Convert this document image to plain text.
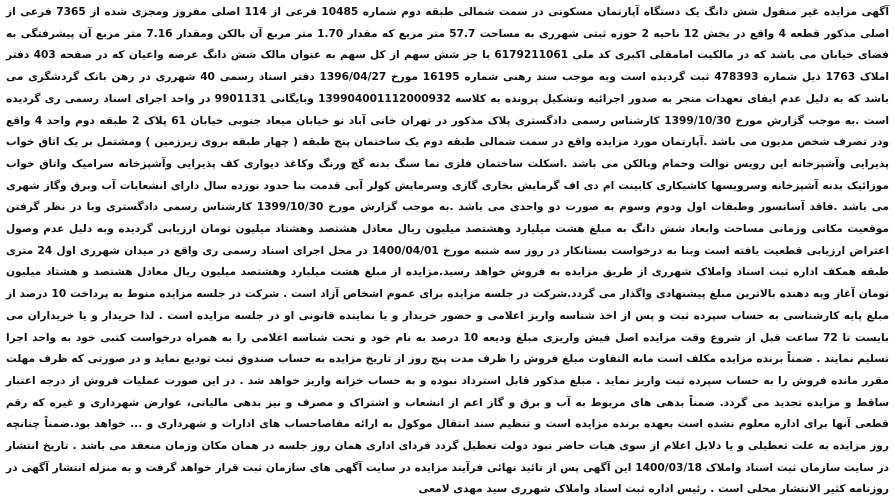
آگهی مزایده غیر منقول شش دانگ یک دستگاه آپارتمان مسکونی در سمت شمالی طبقه دوم شماره 10485 فرعی از 114 اصلی مفروز ومجزی شده از 7365 فرعی از اصلی مذکور قطعه 4 واقع در بخش 12 ناحیه 2 حوزه ثبتی شهرری به مساحت 57.7 متر مربع که مقدار 1.70 متر مربع آن بالکن ومقدار 7.16 متر مربع آن پیشرفتگی به فضای خیابان می باشد که در مالکیت امامقلی اکبری کد ملی 6179211061 با جز شش سهم از کل سهم به عنوان مالک شش دانگ عرصه واعیان که در صفحه 403 دفتر املاک 1763 ذیل شماره 478393 ثبت گردیده است وبه موجب سند رهنی شماره 16195 مورخ 1396/04/27 دفتر اسناد رسمی 40 شهرری در رهن بانک گردشگری می باشد که به دلیل عدم ایفای تعهدات منجر به صدور اجرائیه وتشکیل پرونده به کلاسه 139904001112000932 وبایگانی 9901131 در واحد اجرای اسناد رسمی ری گردیده است .به موجب گزارش مورخ 1399/10/30 کارشناس رسمی دادگستری پلاک مذکور در تهران خانی آباد نو خیابان میعاد جنوبی خیابان 61 پلاک 2 طبقه دوم واحد 4 واقع ودر تصرف شخص مدیون می باشد .آپارتمان مورد مزایده واقع در سمت شمالی طبقه دوم یک ساختمان پنج طبقه ( چهار طبقه بروی زیرزمین ) ومشتمل بر یک اتاق خواب پذیرایی وآشپزخانه این رویس توالت وحمام وبالکن می باشد .اسکلت ساختمان فلزی نما سنگ بدنه گچ ورنگ وکاغذ دیواری کف پذیرایی وآشپزخانه سرامیک واتاق خواب موزائیک بدنه آشپزخانه وسرویسها کاشیکاری کابینت ام دی اف گرمایش بخاری گازی وسرمایش کولر آبی قدمت بنا حدود نوزده سال دارای انشعابات آب وبرق وگاز شهری می باشد .فاقد آسانسور وطبقات اول ودوم وسوم به صورت دو واحدی می باشد .به موجب گزارش مورخ 1399/10/30 کارشناس رسمی دادگستری وبا در نظر گرفتن موقعیت مکانی وزمانی مساحت وابعاد شش دانگ به مبلغ هشت میلیارد وهشتصد میلیون ریال معادل هشتصد وهشتاد میلیون تومان ارزیابی گردیده وبه دلیل عدم وصول اعتراض ارزیابی قطعیت یافته است وبنا به درخواست بستانکار در روز سه شنبه مورخ 1400/04/01 در محل اجرای اسناد رسمی ری واقع در میدان شهرری اول 24 متری طبقه همکف اداره ثبت اسناد واملاک شهرری از طریق مزایده به فروش خواهد رسید.مزایده از مبلغ هشت میلیارد وهشتصد میلیون ریال معادل هشتصد و هشتاد میلیون تومان آغاز وبه دهنده بالاترین مبلغ پیشنهادی واگذار می گردد.شرکت در جلسه مزایده برای عموم اشخاص آزاد است . شرکت در جلسه مزایده منوط به پرداخت 10 درصد از مبلغ پایه کارشناسی به حساب سپرده ثبت و پس از اخذ شناسه واریز اعلامی و حضور خریدار و یا نماینده قانونی او در جلسه مزایده است . لذا خریدار و یا خریداران می بایست تا 72 ساعت قبل از شروع وقت مزایده اصل فیش واریزی مبلغ ودیعه 10 درصد به نام خود و تحت شناسه اعلامی را به همراه درخواست کتبی خود به واحد اجرا تسلیم نمایند . ضمناً برنده مزایده مکلف است مابه التفاوت مبلغ فروش را ظرف مدت پنج روز از تاریخ مزایده به حساب صندوق ثبت تودیع نماید و در صورتی که ظرف مهلت مقرر مانده فروش را به حساب سپرده ثبت واریز نماید . مبلغ مذکور قابل استرداد نبوده و به حساب خزانه واریز خواهد شد . در این صورت عملیات فروش از درجه اعتبار ساقط و مزایده تجدید می گردد. ضمناً بدهی های مربوط به آب و برق و گاز اعم از انشعاب و اشتراک و مصرف و نیز بدهی مالیاتی، عوارض شهرداری و غیره که رقم قطعی آنها برای اداره معلوم نشده است بعهده برنده مزایده است و تنظیم سند انتقال موکول به ارائه مفاصاحساب های ادارات و شهرداری و ... خواهد بود.ضمناً چنانچه روز مزایده به علت تعطیلی و یا دلایل اعلام از سوی هیات حاضر نبود دولت تعطیل گردد فردای اداری همان روز جلسه در همان مکان وزمان منعقد می باشد . تاریخ انتشار در سایت سازمان ثبت اسناد واملاک 1400/03/18 این آگهی پس از تائید نهائی فرآیند مزایده در سایت آگهی های سازمان ثبت قرار خواهد گرفت و به منزله انتشار آگهی در روزنامه کثیر الانتشار محلی است . رئیس اداره ثبت اسناد واملاک شهرری سید مهدی لامعی
